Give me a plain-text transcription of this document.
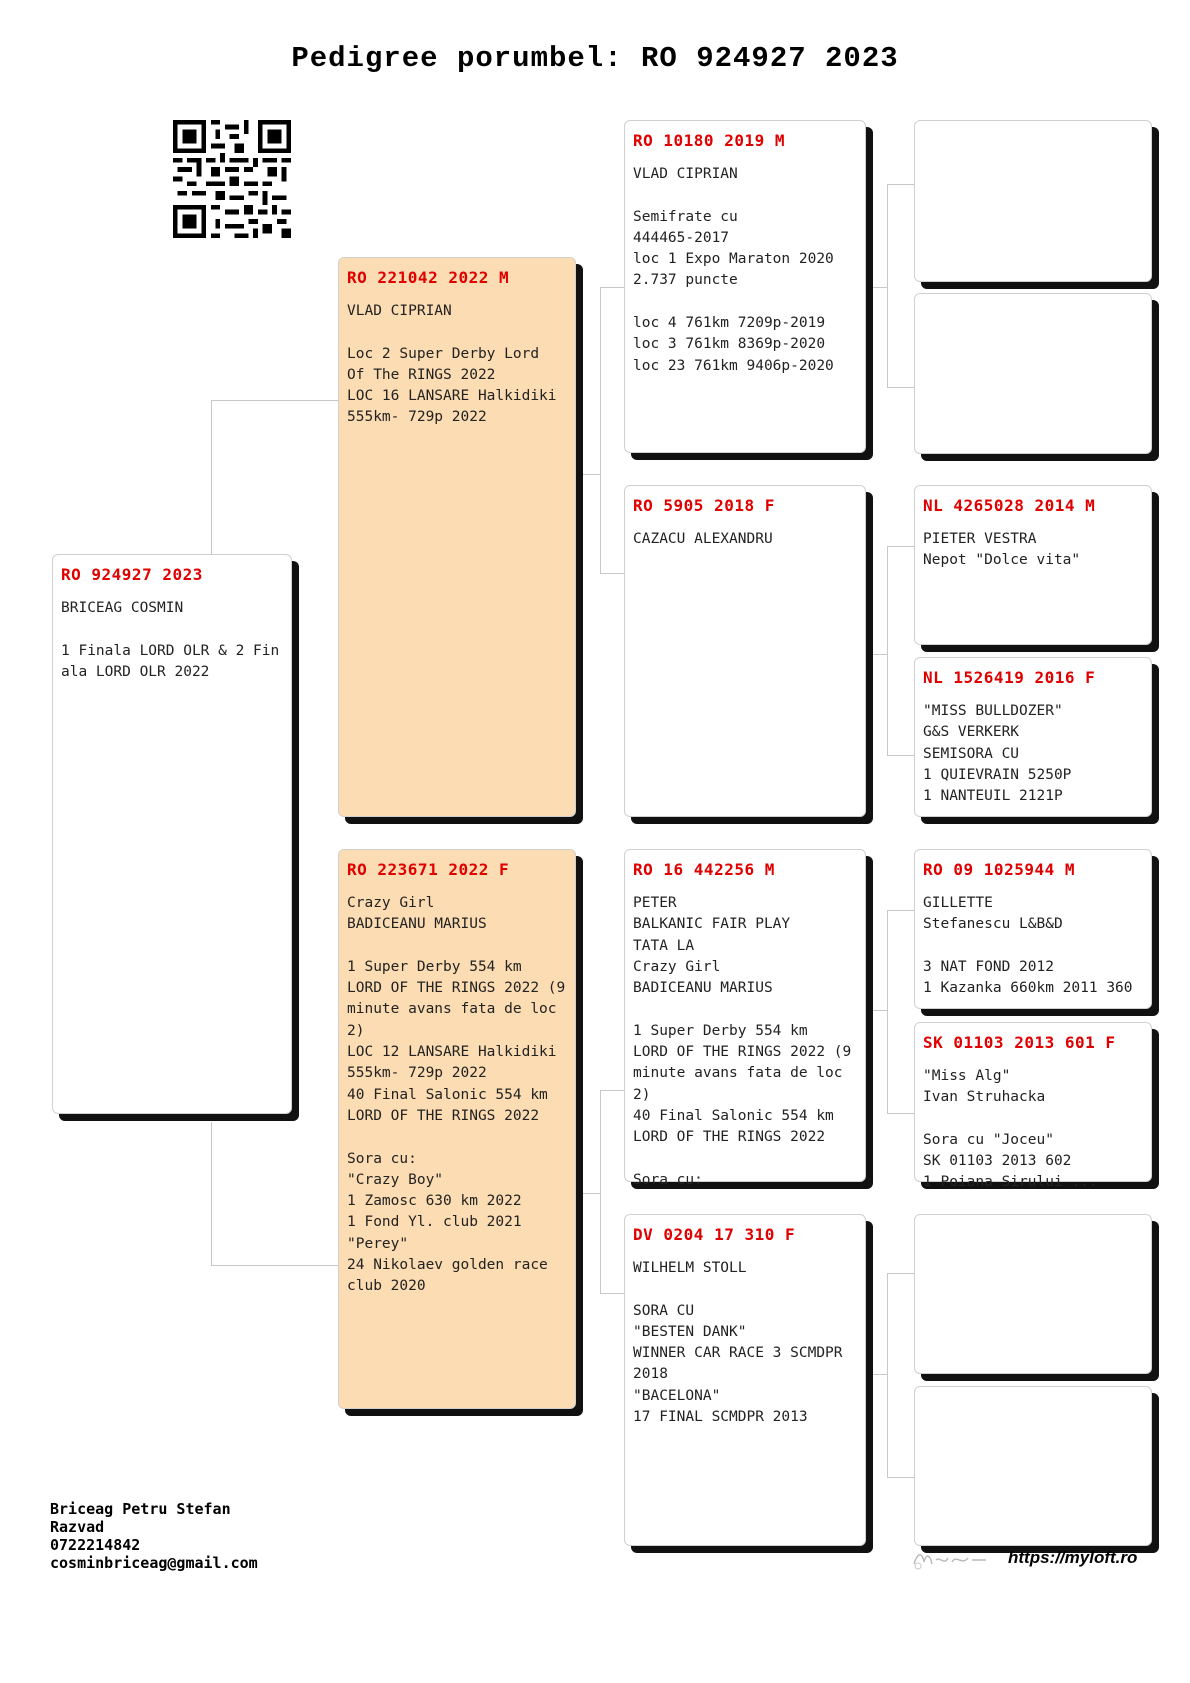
Pedigree porumbel: RO 924927 2023
RO 924927 2023
BRICEAG COSMIN

1 Finala LORD OLR & 2 Finala LORD OLR 2022
RO 221042 2022 M
VLAD CIPRIAN

Loc 2 Super Derby Lord
Of The RINGS 2022
LOC 16 LANSARE Halkidiki
555km- 729p 2022
RO 223671 2022 F
Crazy Girl
BADICEANU MARIUS

1 Super Derby 554 km
LORD OF THE RINGS 2022 (9 minute avans fata de loc2)
LOC 12 LANSARE Halkidiki
555km- 729p 2022
40 Final Salonic 554 km
LORD OF THE RINGS 2022

Sora cu:
"Crazy Boy"
1 Zamosc 630 km 2022
1 Fond Yl. club 2021
"Perey"
24 Nikolaev golden race
club 2020
RO 10180 2019 M
VLAD CIPRIAN

Semifrate cu
444465-2017
loc 1 Expo Maraton 2020
2.737 puncte

loc 4 761km 7209p-2019
loc 3 761km 8369p-2020
loc 23 761km 9406p-2020
RO 5905 2018 F
CAZACU ALEXANDRU
RO 16 442256 M
PETER
BALKANIC FAIR PLAY
TATA LA
Crazy Girl
BADICEANU MARIUS

1 Super Derby 554 km
LORD OF THE RINGS 2022 (9 minute avans fata de loc2)
40 Final Salonic 554 km
LORD OF THE RINGS 2022

Sora cu:
DV 0204 17 310 F
WILHELM STOLL

SORA CU
"BESTEN DANK"
WINNER CAR RACE 3 SCMDPR 2018
"BACELONA"
17 FINAL SCMDPR 2013
NL 4265028 2014 M
PIETER VESTRA
Nepot "Dolce vita"
NL 1526419 2016 F
"MISS BULLDOZER"
G&S VERKERK
SEMISORA CU
1 QUIEVRAIN 5250P
1 NANTEUIL 2121P
RO 09 1025944 M
GILLETTE
Stefanescu L&B&D

3 NAT FOND 2012
1 Kazanka 660km 2011 360
SK 01103 2013 601 F
"Miss Alg"
Ivan Struhacka

Sora cu "Joceu"
SK 01103 2013 602
1 Poiana Sirului ...
Briceag Petru Stefan
Razvad
0722214842
cosminbriceag@gmail.com	https://myloft.ro
